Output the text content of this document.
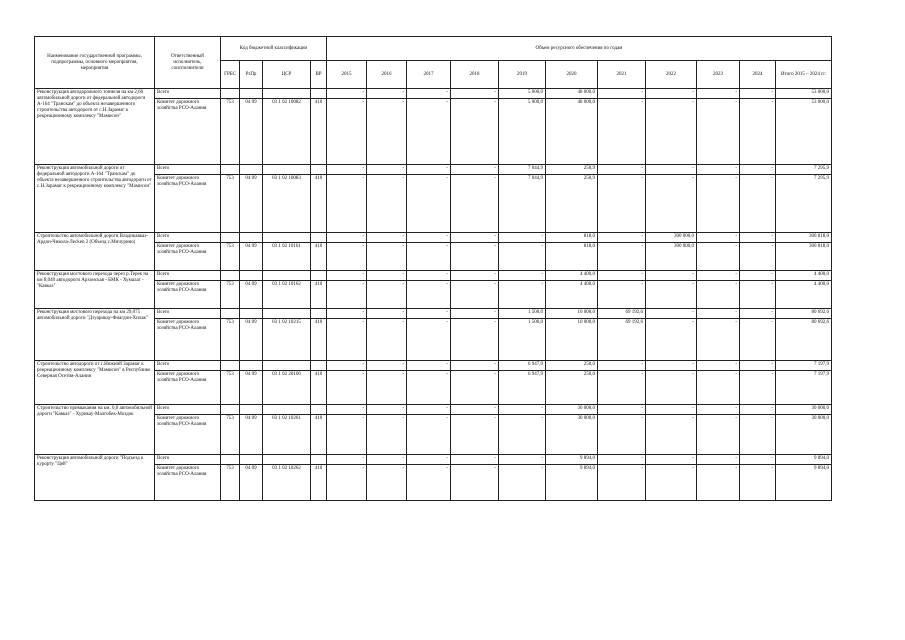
Наименование государственной программы, подпрограммы, основного мероприятия, мероприятия	Ответственный исполнитель, соисполнители	Код бюджетной классификации				Объем ресурсного обеспечения по годам										
		ГРБС	РзПр	ЦСР	ВР	2015	2016	2017	2018	2019	2020	2021	2022	2023	2024	Итого 2015 – 2024 гг.
Реконструкция автодорожного тоннеля на км 2,66 автомобильной дороги от федеральной автодороги А-164 "Транскам" до объекта незавершенного строительства автодороги от с.Н.Зарамаг к рекреационному комплексу "Мамисон"	Всего					-	-	-	-	5 000,0	48 000,0	-	-	-	-	53 000,0
	Комитет дорожного хозяйства РСО-Алания	753	04 09	03 1 02 10082	410	-	-	-	-	5 000,0	48 000,0	-	-	-	-	53 000,0
Реконструкция автомобильной дороги от федеральной автодороги А-164 "Транскам" до объекта незавершенного строительства автодороги от с.Н.Зарамаг к рекреационному комплексу "Мамисон"	Всего					-	-	-	-	7 044,9	250,9	-	-	-	-	7 295,9
	Комитет дорожного хозяйства РСО-Алания	753	04 09	03 1 02 10083	410	-	-	-	-	7 044,9	250,9	-	-	-	-	7 295,9
Строительство автомобильной дороги Владикавказ-Ардон-Чикола-Лесken 2 (Объезд с.Мичурино)	Всего					-	-	-	-	-	818,0	-	300 000,0	-	-	300 818,0
	Комитет дорожного хозяйства РСО-Алания	753	04 09	03 1 02 10161	410	-	-	-	-	-	818,0	-	300 000,0	-	-	300 818,0
Реконструкция мостового перехода через р.Терек на км 8,040 автодороги Архонская - БМК - Хумалаг - "Кавказ"	Всего					-	-	-	-	-	4 400,0	-	-	-	-	4 400,0
	Комитет дорожного хозяйства РСО-Алания	753	04 09	03 1 02 10162	410	-	-	-	-	-	4 400,0	-	-	-	-	4 400,0
Реконструкция мостового перехода на км 29,075 автомобильной дороги "Дзуарикау-Фиагдон-Хилак"	Всего					-	-	-	-	1 500,0	10 000,0	69 192,6	-	-	-	80 692,6
	Комитет дорожного хозяйства РСО-Алания	753	04 09	03 1 02 10215	410	-	-	-	-	1 500,0	10 000,0	69 192,6	-	-	-	80 692,6
Строительство автодороги от с.Нижний Зарамаг к рекреационному комплексу "Мамисон" в Республике Северная Осетия-Алания	Всего					-	-	-	-	6 947,9	250,0	-	-	-	-	7 197,9
	Комитет дорожного хозяйства РСО-Алания	753	04 09	03 1 02 20160	410	-	-	-	-	6 947,9	250,0	-	-	-	-	7 197,9
Строительство примыкания на км. 0,0 автомобильной дороги "Кавказ" - Хурикау-Малгобек-Моздок	Всего					-	-	-	-	-	30 000,0	-	-	-	-	30 000,0
	Комитет дорожного хозяйства РСО-Алания	753	04 09	03 1 02 10261	410	-	-	-	-	-	30 000,0	-	-	-	-	30 000,0
Реконструкция автомобильной дороги "Подъезд к курорту "Цей"	Всего					-	-	-	-	-	9 894,0	-	-	-	-	9 894,0
	Комитет дорожного хозяйства РСО-Алания	753	04 09	03 1 02 10262	410	-	-	-	-	-	9 894,0	-	-	-	-	9 894,0
